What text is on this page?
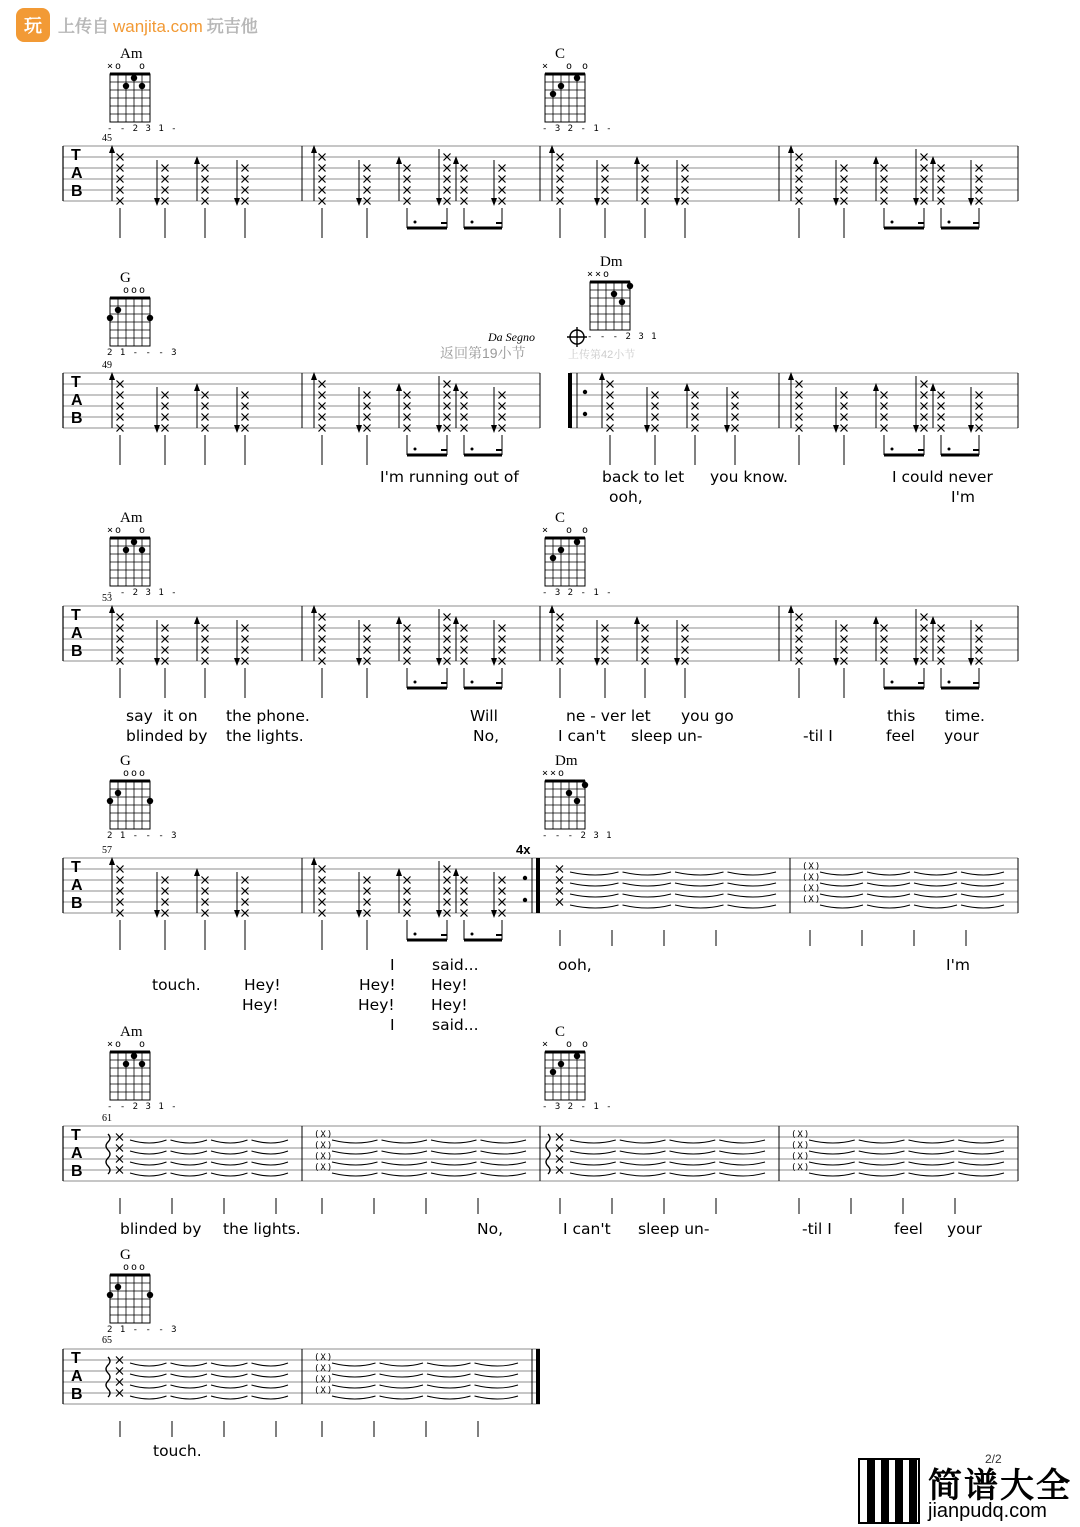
玩 上传自 wanjita.com 玩吉他
Da Segno
返回第19小节	上传第42小节
4x
2/2
简谱大全
jianpudq.com
Am
× o o
- - 2 3 1 -
C
× o o
- 3 2 - 1 -
45
T
A
B
G
o o o
2 1 - - - 3
Dm
× × o
- - - 2 3 1
49
T
A
B
I'm running out of	back to let you know.	I could never
ooh,	I'm
Am
× o o
- - 2 3 1 -
C
× o o
- 3 2 - 1 -
53
T
A
B
say it on the phone.	Will	ne - ver let you go	this time.
blinded by the lights.	No,	I can't sleep un-	-til I	feel your
G
o o o
2 1 - - - 3
Dm
× × o
- - - 2 3 1
57
T
A
B
(X)
(X)
(X)
(X)
I said...	ooh,	I'm
touch.	Hey!	Hey! Hey!
Hey!	Hey! Hey!
I said...
Am
× o o
- - 2 3 1 -
C
× o o
- 3 2 - 1 -
61
T
A
B
(X)
(X)
(X)
(X)
(X)
(X)
(X)
(X)
blinded by the lights.	No,	I can't sleep un-	-til I	feel your
G
o o o
2 1 - - - 3
65
T
A
B
(X)
(X)
(X)
(X)
touch.
